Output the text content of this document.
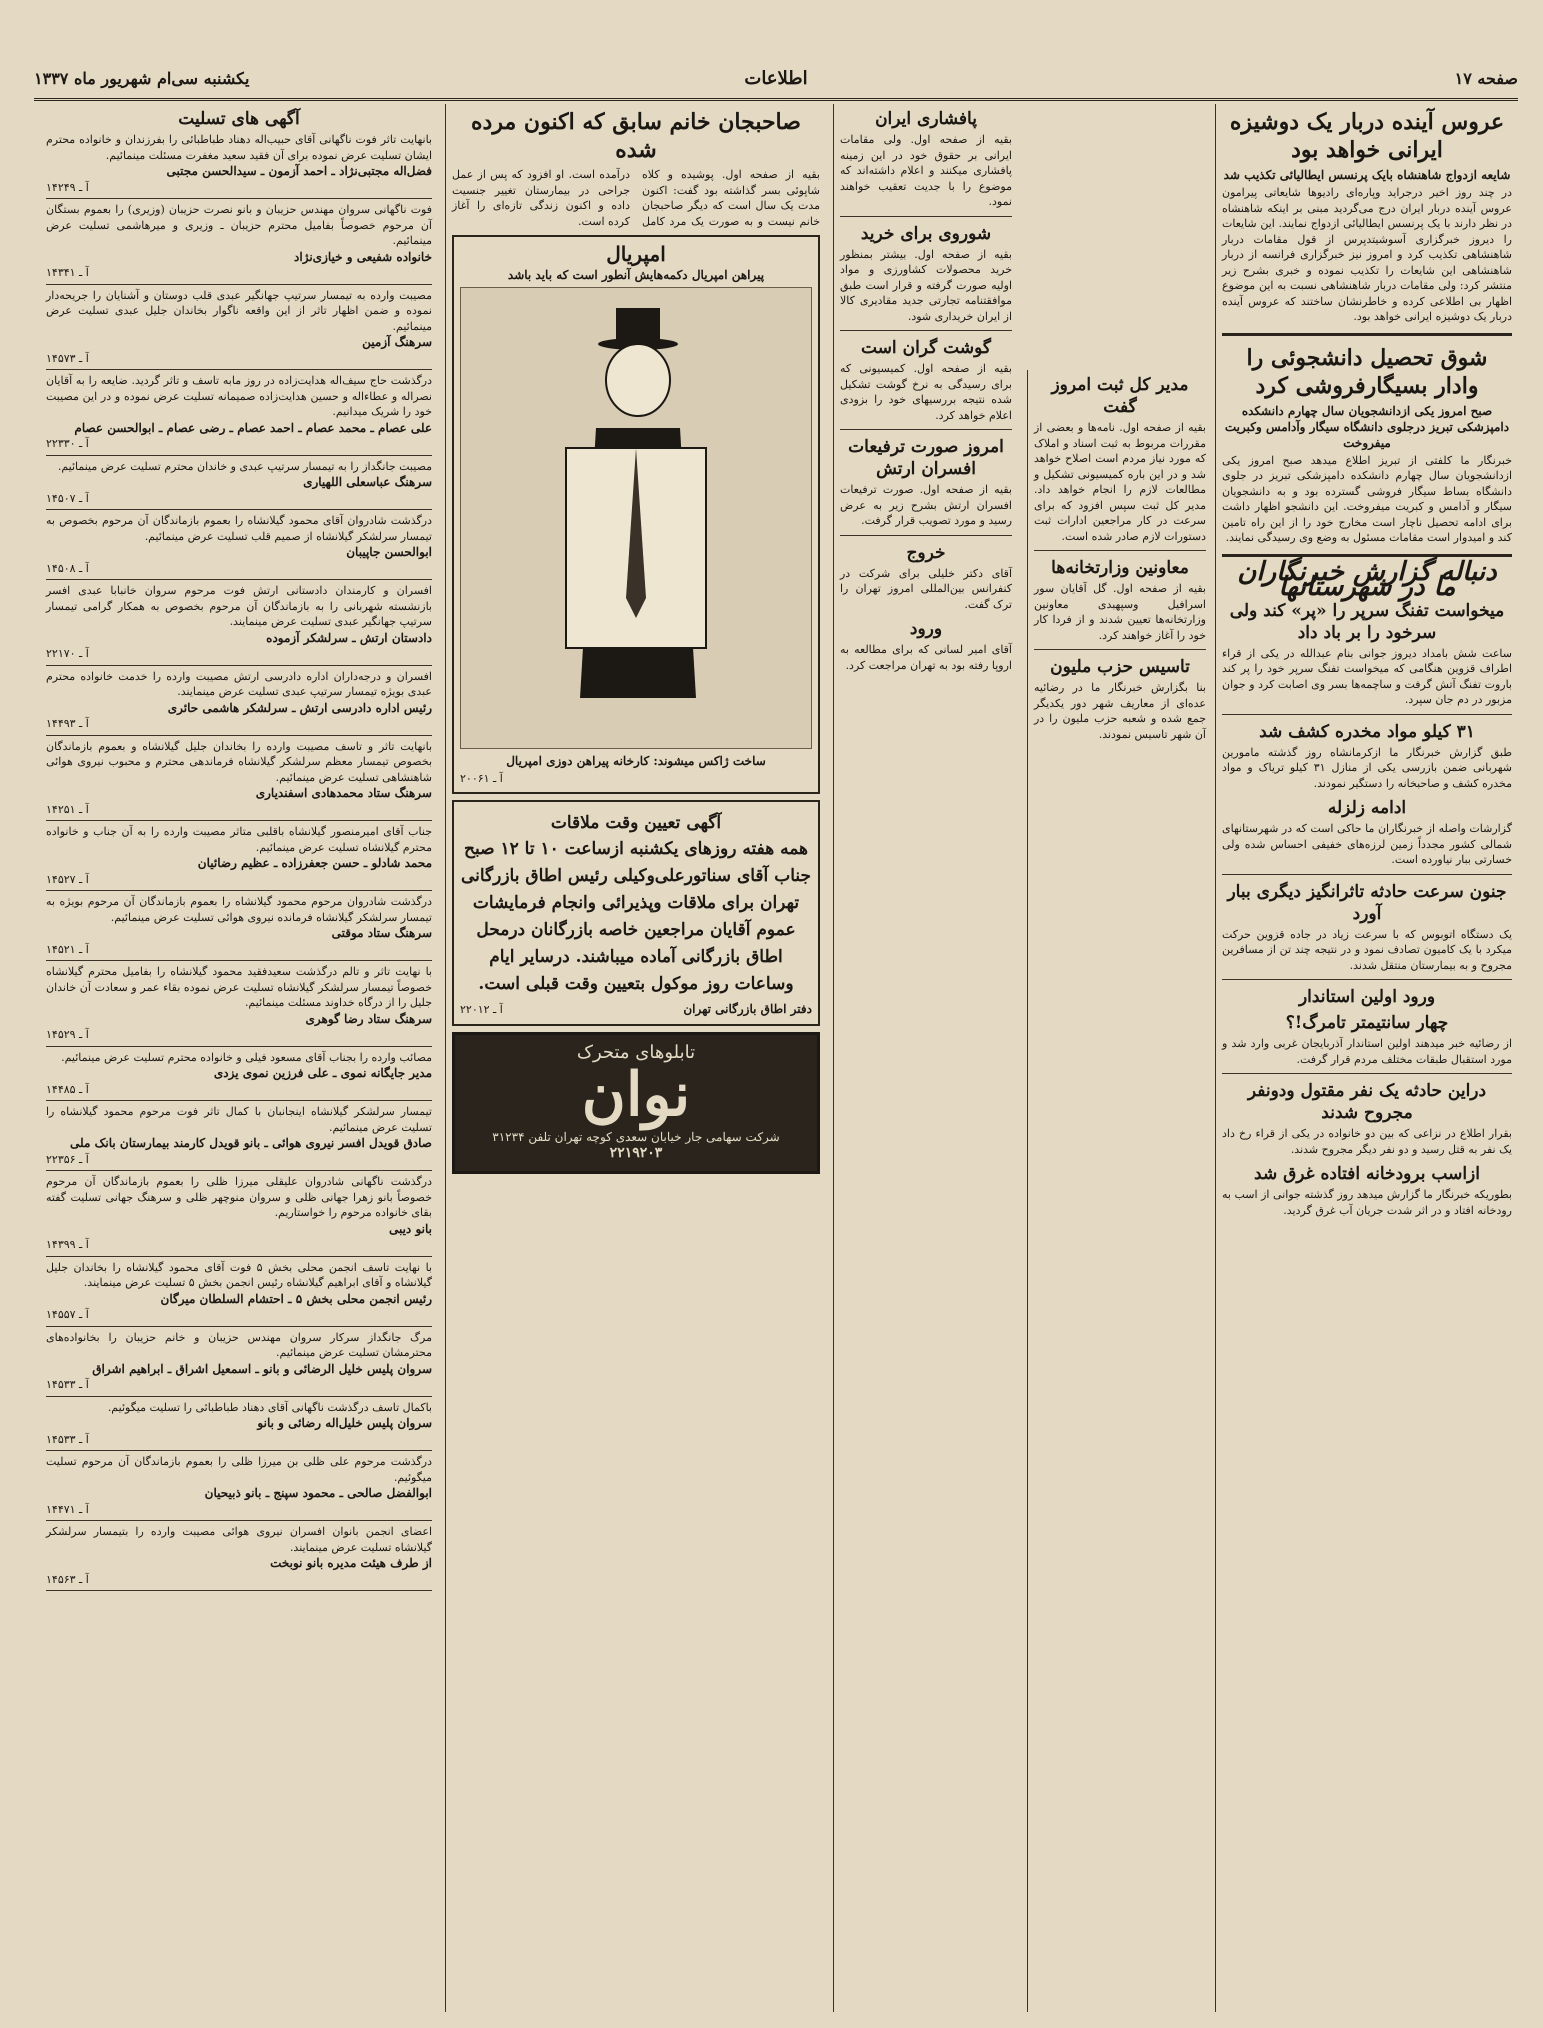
صفحه ۱۷
اطلاعات
یکشنبه سی‌ام شهریور ماه ۱۳۳۷
عروس آینده دربار یک دوشیزه ایرانی خواهد بود
شایعه ازدواج شاهنشاه بایک پرنسس ایطالیائی تکذیب شد

در چند روز اخیر درجراید وپاره‌ای رادیوها شایعاتی پیرامون عروس آینده دربار ایران درج می‌گردید مبنی بر اینکه شاهنشاه در نظر دارند با یک پرنسس ایطالیائی ازدواج نمایند. این شایعات را دیروز خبرگزاری آسوشیتدپرس از قول مقامات دربار شاهنشاهی تکذیب کرد و امروز نیز خبرگزاری فرانسه از دربار شاهنشاهی این شایعات را تکذیب نموده و خبری بشرح زیر منتشر کرد: ولی مقامات دربار شاهنشاهی نسبت به این موضوع اظهار بی اطلاعی کرده و خاطرنشان ساختند که عروس آینده دربار یک دوشیزه ایرانی خواهد بود.

شوق تحصیل دانشجوئی را وادار بسیگارفروشی کرد
صبح امروز یکی ازدانشجویان سال چهارم دانشکده دامپزشکی تبریز درجلوی دانشگاه سیگار وآدامس وکبریت میفروخت

خبرنگار ما کلفتی از تبریز اطلاع میدهد صبح امروز یکی ازدانشجویان سال چهارم دانشکده دامپزشکی تبریز در جلوی دانشگاه بساط سیگار فروشی گسترده بود و به دانشجویان سیگار و آدامس و کبریت میفروخت. این دانشجو اظهار داشت برای ادامه تحصیل ناچار است مخارج خود را از این راه تامین کند و امیدوار است مقامات مسئول به وضع وی رسیدگی نمایند.

دنباله گزارش خبرنگاران ما در شهرستانها
میخواست تفنگ سرپر را «پر» کند ولی سرخود را بر باد داد

ساعت شش بامداد دیروز جوانی بنام عبدالله در یکی از قراء اطراف قزوین هنگامی که میخواست تفنگ سرپر خود را پر کند باروت تفنگ آتش گرفت و ساچمه‌ها بسر وی اصابت کرد و جوان مزبور در دم جان سپرد.

۳۱ کیلو مواد مخدره کشف شد

طبق گزارش خبرنگار ما ازکرمانشاه روز گذشته مامورین شهربانی ضمن بازرسی یکی از منازل ۳۱ کیلو تریاک و مواد مخدره کشف و صاحبخانه را دستگیر نمودند.

ادامه زلزله

گزارشات واصله از خبرنگاران ما حاکی است که در شهرستانهای شمالی کشور مجدداً زمین لرزه‌های خفیفی احساس شده ولی خسارتی ببار نیاورده است.

جنون سرعت حادثه تاثرانگیز دیگری ببار آورد

یک دستگاه اتوبوس که با سرعت زیاد در جاده قزوین حرکت میکرد با یک کامیون تصادف نمود و در نتیجه چند تن از مسافرین مجروح و به بیمارستان منتقل شدند.

ورود اولین استاندار
چهار سانتیمتر تامرگ!؟

از رضائیه خبر میدهند اولین استاندار آذربایجان غربی وارد شد و مورد استقبال طبقات مختلف مردم قرار گرفت.

دراین حادثه یک نفر مقتول ودونفر مجروح شدند

بقرار اطلاع در نزاعی که بین دو خانواده در یکی از قراء رخ داد یک نفر به قتل رسید و دو نفر دیگر مجروح شدند.

ازاسب برودخانه افتاده غرق شد

بطوریکه خبرنگار ما گزارش میدهد روز گذشته جوانی از اسب به رودخانه افتاد و در اثر شدت جریان آب غرق گردید.

مدیر کل ثبت امروز گفت

بقیه از صفحه اول. نامه‌ها و بعضی از مقررات مربوط به ثبت اسناد و املاک که مورد نیاز مردم است اصلاح خواهد شد و در این باره کمیسیونی تشکیل و مطالعات لازم را انجام خواهد داد. مدیر کل ثبت سپس افزود که برای سرعت در کار مراجعین ادارات ثبت دستورات لازم صادر شده است.

معاونین وزارتخانه‌ها

بقیه از صفحه اول. گل آقایان سور اسرافیل وسپهبدی معاونین وزارتخانه‌ها تعیین شدند و از فردا کار خود را آغاز خواهند کرد.

تاسیس حزب ملیون

بنا بگزارش خبرنگار ما در رضائیه عده‌ای از معاریف شهر دور یکدیگر جمع شده و شعبه حزب ملیون را در آن شهر تاسیس نمودند.

پافشاری ایران

بقیه از صفحه اول. ولی مقامات ایرانی بر حقوق خود در این زمینه پافشاری میکنند و اعلام داشته‌اند که موضوع را با جدیت تعقیب خواهند نمود.

شوروی برای خرید

بقیه از صفحه اول. بیشتر بمنظور خرید محصولات کشاورزی و مواد اولیه صورت گرفته و قرار است طبق موافقتنامه تجارتی جدید مقادیری کالا از ایران خریداری شود.

گوشت گران است

بقیه از صفحه اول. کمیسیونی که برای رسیدگی به نرخ گوشت تشکیل شده نتیجه بررسیهای خود را بزودی اعلام خواهد کرد.

امروز صورت ترفیعات افسران ارتش

بقیه از صفحه اول. صورت ترفیعات افسران ارتش بشرح زیر به عرض رسید و مورد تصویب قرار گرفت.

خروج

آقای دکتر خلیلی برای شرکت در کنفرانس بین‌المللی امروز تهران را ترک گفت.

ورود

آقای امیر لسانی که برای مطالعه به اروپا رفته بود به تهران مراجعت کرد.

صاحبجان خانم سابق که اکنون مرده شده

بقیه از صفحه اول. پوشیده و کلاه شاپوئی بسر گذاشته بود گفت: اکنون مدت یک سال است که دیگر صاحبجان خانم نیست و به صورت یک مرد کامل درآمده است. او افزود که پس از عمل جراحی در بیمارستان تغییر جنسیت داده و اکنون زندگی تازه‌ای را آغاز کرده است.

امپریال
پیراهن امپریال دکمه‌هایش آنطور است که باید باشد
ساخت ژاکس میشوند: کارخانه پیراهن دوزی امپریال
آ ـ ۲۰۰۶۱
آگهی تعیین وقت ملاقات
همه هفته روزهای یکشنبه ازساعت ۱۰ تا ۱۲ صبح جناب آقای سناتورعلی‌وکیلی رئیس اطاق بازرگانی تهران برای ملاقات وپذیرائی وانجام فرمایشات عموم آقایان مراجعین خاصه بازرگانان درمحل اطاق بازرگانی آماده میباشند. درسایر ایام وساعات روز موکول بتعیین وقت قبلی است.
دفتر اطاق بازرگانی تهران
آ ـ ۲۲۰۱۲
تابلوهای متحرک
نوان
شرکت سهامی جار خیابان سعدی کوچه تهران تلفن ۳۱۲۳۴
۲۲۱۹۲۰۳
آگهی های تسلیت

بانهایت تاثر فوت ناگهانی آقای حبیب‌اله دهناد طباطبائی را بفرزندان و خانواده محترم ایشان تسلیت عرض نموده برای آن فقید سعید مغفرت مسئلت مینمائیم.

فضل‌اله مجتبی‌نژاد ـ احمد آزمون ـ سیدالحسن مجتبی
آ ـ ۱۴۲۴۹

فوت ناگهانی سروان مهندس حزیبان و بانو نصرت حزیبان (وزیری) را بعموم بستگان آن مرحوم خصوصاً بفامیل محترم حزیبان ـ وزیری و میرهاشمی تسلیت عرض مینمائیم.

خانواده شفیعی و خیازی‌نژاد
آ ـ ۱۴۳۴۱

مصیبت وارده به تیمسار سرتیپ جهانگیر عبدی قلب دوستان و آشنایان را جریحه‌دار نموده و ضمن اظهار تاثر از این واقعه ناگوار بخاندان جلیل عبدی تسلیت عرض مینمائیم.

سرهنگ آزمین
آ ـ ۱۴۵۷۳

درگذشت حاج سیف‌اله هدایت‌زاده در روز مابه تاسف و تاثر گردید. ضایعه را به آقایان نصراله و عطاءاله و حسین هدایت‌زاده صمیمانه تسلیت عرض نموده و در این مصیبت خود را شریک میدانیم.

علی عصام ـ محمد عصام ـ احمد عصام ـ رضی عصام ـ ابوالحسن عصام
آ ـ ۲۲۳۳۰

مصیبت جانگداز را به تیمسار سرتیپ عبدی و خاندان محترم تسلیت عرض مینمائیم.

سرهنگ عباسعلی اللهیاری
آ ـ ۱۴۵۰۷

درگذشت شادروان آقای محمود گیلانشاه را بعموم بازماندگان آن مرحوم بخصوص به تیمسار سرلشکر گیلانشاه از صمیم قلب تسلیت عرض مینمائیم.

ابوالحسن جاپیبان
آ ـ ۱۴۵۰۸

افسران و کارمندان دادستانی ارتش فوت مرحوم سروان خانبابا عبدی افسر بازنشسته شهربانی را به بازماندگان آن مرحوم بخصوص به همکار گرامی تیمسار سرتیپ جهانگیر عبدی تسلیت عرض مینمایند.

دادستان ارتش ـ سرلشکر آزموده
آ ـ ۲۲۱۷۰

افسران و درجه‌داران اداره دادرسی ارتش مصیبت وارده را خدمت خانواده محترم عبدی بویژه تیمسار سرتیپ عبدی تسلیت عرض مینمایند.

رئیس اداره دادرسی ارتش ـ سرلشکر هاشمی حائری
آ ـ ۱۴۴۹۳

بانهایت تاثر و تاسف مصیبت وارده را بخاندان جلیل گیلانشاه و بعموم بازماندگان بخصوص تیمسار معظم سرلشکر گیلانشاه فرماندهی محترم و محبوب نیروی هوائی شاهنشاهی تسلیت عرض مینمائیم.

سرهنگ ستاد محمدهادی اسفندیاری
آ ـ ۱۴۲۵۱

جناب آقای امیرمنصور گیلانشاه باقلبی متاثر مصیبت وارده را به آن جناب و خانواده محترم گیلانشاه تسلیت عرض مینمائیم.

محمد شادلو ـ حسن جعفرزاده ـ عظیم رضائیان
آ ـ ۱۴۵۲۷

درگذشت شادروان مرحوم محمود گیلانشاه را بعموم بازماندگان آن مرحوم بویژه به تیمسار سرلشکر گیلانشاه فرمانده نیروی هوائی تسلیت عرض مینمائیم.

سرهنگ ستاد موقتی
آ ـ ۱۴۵۲۱

با نهایت تاثر و تالم درگذشت سعیدفقید محمود گیلانشاه را بفامیل محترم گیلانشاه خصوصاً تیمسار سرلشکر گیلانشاه تسلیت عرض نموده بقاء عمر و سعادت آن خاندان جلیل را از درگاه خداوند مسئلت مینمائیم.

سرهنگ ستاد رضا گوهری
آ ـ ۱۴۵۲۹

مصائب وارده را بجناب آقای مسعود فیلی و خانواده محترم تسلیت عرض مینمائیم.

مدیر جایگانه نموی ـ علی فرزین نموی یزدی
آ ـ ۱۴۴۸۵

تیمسار سرلشکر گیلانشاه اینجانبان با کمال تاثر فوت مرحوم محمود گیلانشاه را تسلیت عرض مینمائیم.

صادق قویدل افسر نیروی هوائی ـ بانو قویدل کارمند بیمارستان بانک ملی
آ ـ ۲۲۳۵۶

درگذشت ناگهانی شادروان علیقلی میرزا ظلی را بعموم بازماندگان آن مرحوم خصوصاً بانو زهرا جهانی ظلی و سروان منوچهر ظلی و سرهنگ جهانی تسلیت گفته بقای خانواده مرحوم را خواستاریم.

بانو دیبی
آ ـ ۱۴۳۹۹

با نهایت تاسف انجمن محلی بخش ۵ فوت آقای محمود گیلانشاه را بخاندان جلیل گیلانشاه و آقای ابراهیم گیلانشاه رئیس انجمن بخش ۵ تسلیت عرض مینمایند.

رئیس انجمن محلی بخش ۵ ـ احتشام السلطان میرگان
آ ـ ۱۴۵۵۷

مرگ جانگداز سرکار سروان مهندس حزیبان و خانم حزیبان را بخانواده‌های محترمشان تسلیت عرض مینمائیم.

سروان پلیس خلیل الرضائی و بانو ـ اسمعیل اشراق ـ ابراهیم اشراق
آ ـ ۱۴۵۳۳

باکمال تاسف درگذشت ناگهانی آقای دهناد طباطبائی را تسلیت میگوئیم.

سروان پلیس خلیل‌اله رضائی و بانو
آ ـ ۱۴۵۳۳

درگذشت مرحوم علی ظلی بن میرزا ظلی را بعموم بازماندگان آن مرحوم تسلیت میگوئیم.

ابوالفضل صالحی ـ محمود سپنج ـ بانو ذبیحیان
آ ـ ۱۴۴۷۱

اعضای انجمن بانوان افسران نیروی هوائی مصیبت وارده را بتیمسار سرلشکر گیلانشاه تسلیت عرض مینمایند.

از طرف هیئت مدیره بانو نوبخت
آ ـ ۱۴۵۶۳
